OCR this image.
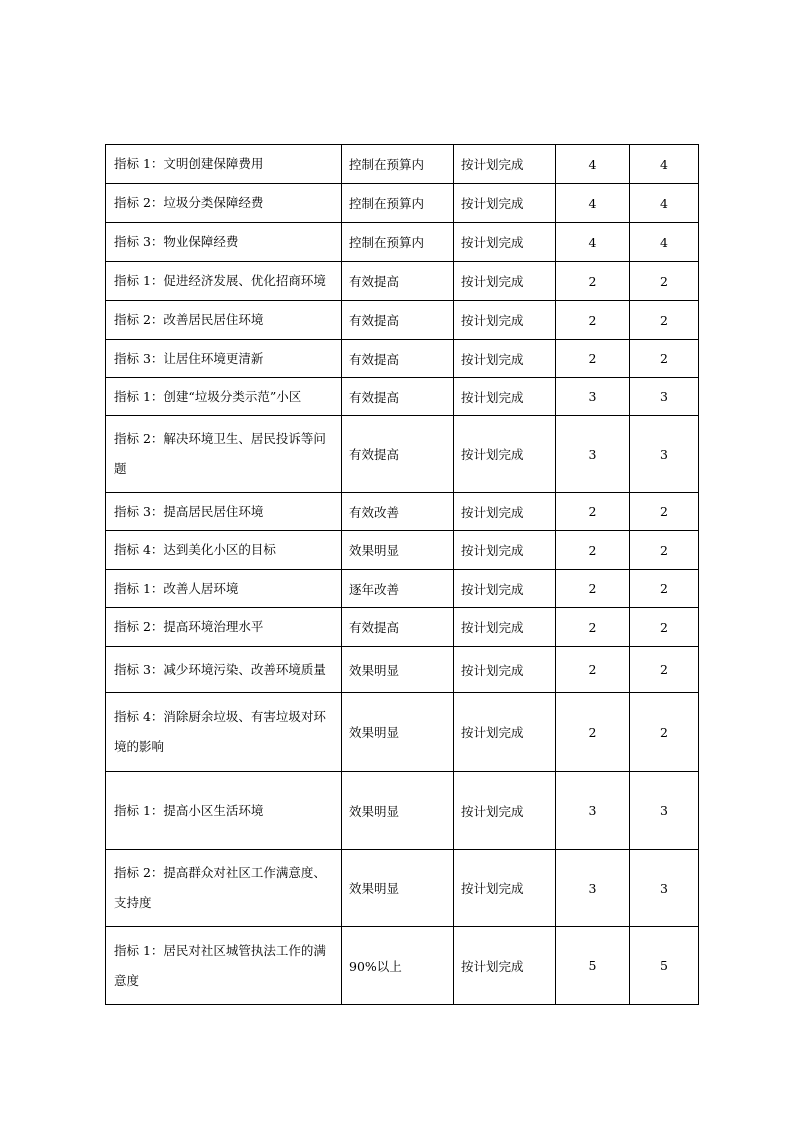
指标 1：文明创建保障费用	控制在预算内	按计划完成	4	4
指标 2：垃圾分类保障经费	控制在预算内	按计划完成	4	4
指标 3：物业保障经费	控制在预算内	按计划完成	4	4
指标 1：促进经济发展、优化招商环境	有效提高	按计划完成	2	2
指标 2：改善居民居住环境	有效提高	按计划完成	2	2
指标 3：让居住环境更清新	有效提高	按计划完成	2	2
指标 1：创建“垃圾分类示范”小区	有效提高	按计划完成	3	3
指标 2：解决环境卫生、居民投诉等问题	有效提高	按计划完成	3	3
指标 3：提高居民居住环境	有效改善	按计划完成	2	2
指标 4：达到美化小区的目标	效果明显	按计划完成	2	2
指标 1：改善人居环境	逐年改善	按计划完成	2	2
指标 2：提高环境治理水平	有效提高	按计划完成	2	2
指标 3：减少环境污染、改善环境质量	效果明显	按计划完成	2	2
指标 4：消除厨余垃圾、有害垃圾对环境的影响	效果明显	按计划完成	2	2
指标 1：提高小区生活环境	效果明显	按计划完成	3	3
指标 2：提高群众对社区工作满意度、支持度	效果明显	按计划完成	3	3
指标 1：居民对社区城管执法工作的满意度	90%以上	按计划完成	5	5
